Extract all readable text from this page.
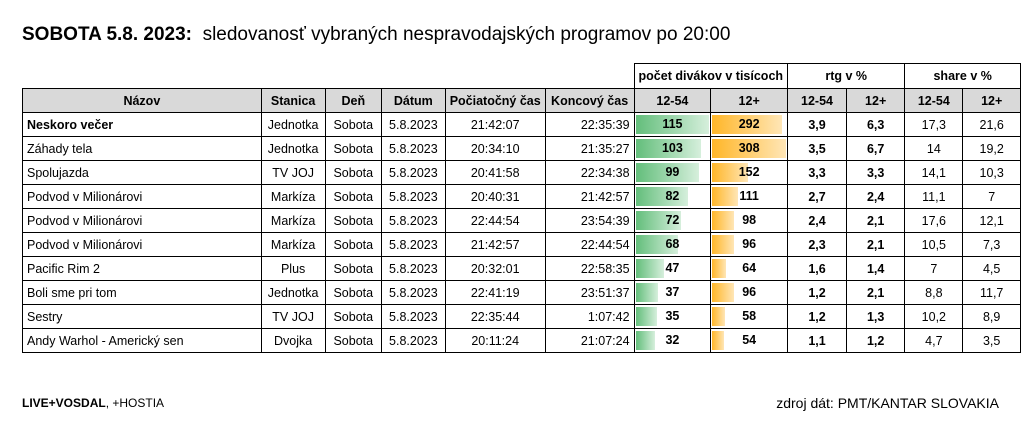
SOBOTA 5.8. 2023: sledovanosť vybraných nespravodajských programov po 20:00
						počet divákov v tisícoch		rtg v %		share v %	
Názov	Stanica	Deň	Dátum	Počiatočný čas	Koncový čas	12-54	12+	12-54	12+	12-54	12+
Neskoro večer	Jednotka	Sobota	5.8.2023	21:42:07	22:35:39	115	292	3,9	6,3	17,3	21,6
Záhady tela	Jednotka	Sobota	5.8.2023	20:34:10	21:35:27	103	308	3,5	6,7	14	19,2
Spolujazda	TV JOJ	Sobota	5.8.2023	20:41:58	22:34:38	99	152	3,3	3,3	14,1	10,3
Podvod v Milionárovi	Markíza	Sobota	5.8.2023	20:40:31	21:42:57	82	111	2,7	2,4	11,1	7
Podvod v Milionárovi	Markíza	Sobota	5.8.2023	22:44:54	23:54:39	72	98	2,4	2,1	17,6	12,1
Podvod v Milionárovi	Markíza	Sobota	5.8.2023	21:42:57	22:44:54	68	96	2,3	2,1	10,5	7,3
Pacific Rim 2	Plus	Sobota	5.8.2023	20:32:01	22:58:35	47	64	1,6	1,4	7	4,5
Boli sme pri tom	Jednotka	Sobota	5.8.2023	22:41:19	23:51:37	37	96	1,2	2,1	8,8	11,7
Sestry	TV JOJ	Sobota	5.8.2023	22:35:44	1:07:42	35	58	1,2	1,3	10,2	8,9
Andy Warhol - Americký sen	Dvojka	Sobota	5.8.2023	20:11:24	21:07:24	32	54	1,1	1,2	4,7	3,5
LIVE+VOSDAL, +HOSTIA	zdroj dát: PMT/KANTAR SLOVAKIA
